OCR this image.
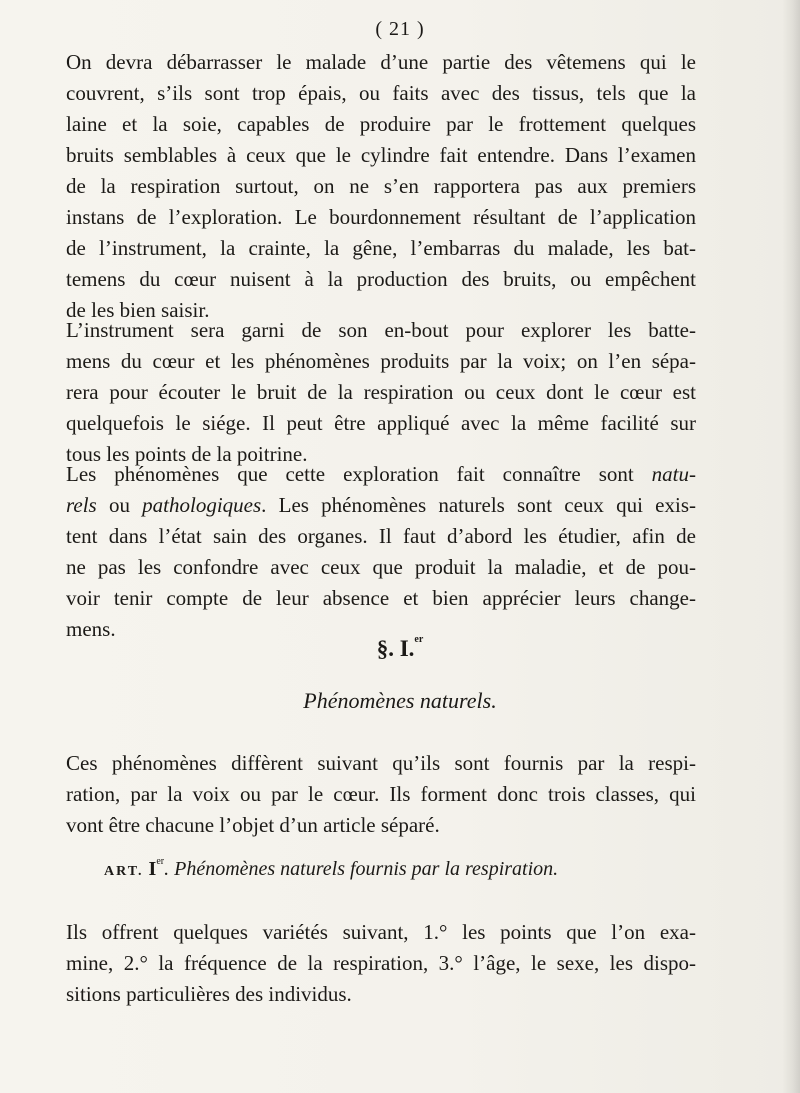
( 21 )
On devra débarrasser le malade d’une partie des vêtemens qui le
couvrent, s’ils sont trop épais, ou faits avec des tissus, tels que la
laine et la soie, capables de produire par le frottement quelques
bruits semblables à ceux que le cylindre fait entendre. Dans l’examen
de la respiration surtout, on ne s’en rapportera pas aux premiers
instans de l’exploration. Le bourdonnement résultant de l’application
de l’instrument, la crainte, la gêne, l’embarras du malade, les bat-
temens du cœur nuisent à la production des bruits, ou empêchent
de les bien saisir.
L’instrument sera garni de son en-bout pour explorer les batte-
mens du cœur et les phénomènes produits par la voix; on l’en sépa-
rera pour écouter le bruit de la respiration ou ceux dont le cœur est
quelquefois le siége. Il peut être appliqué avec la même facilité sur
tous les points de la poitrine.
Les phénomènes que cette exploration fait connaître sont natu-
rels ou pathologiques. Les phénomènes naturels sont ceux qui exis-
tent dans l’état sain des organes. Il faut d’abord les étudier, afin de
ne pas les confondre avec ceux que produit la maladie, et de pou-
voir tenir compte de leur absence et bien apprécier leurs change-
mens.
§. I.$^{er}$
Phénomènes naturels.
Ces phénomènes diffèrent suivant qu’ils sont fournis par la respi-
ration, par la voix ou par le cœur. Ils forment donc trois classes, qui
vont être chacune l’objet d’un article séparé.
ART. Ier. Phénomènes naturels fournis par la respiration.
Ils offrent quelques variétés suivant, 1.° les points que l’on exa-
mine, 2.° la fréquence de la respiration, 3.° l’âge, le sexe, les dispo-
sitions particulières des individus.
